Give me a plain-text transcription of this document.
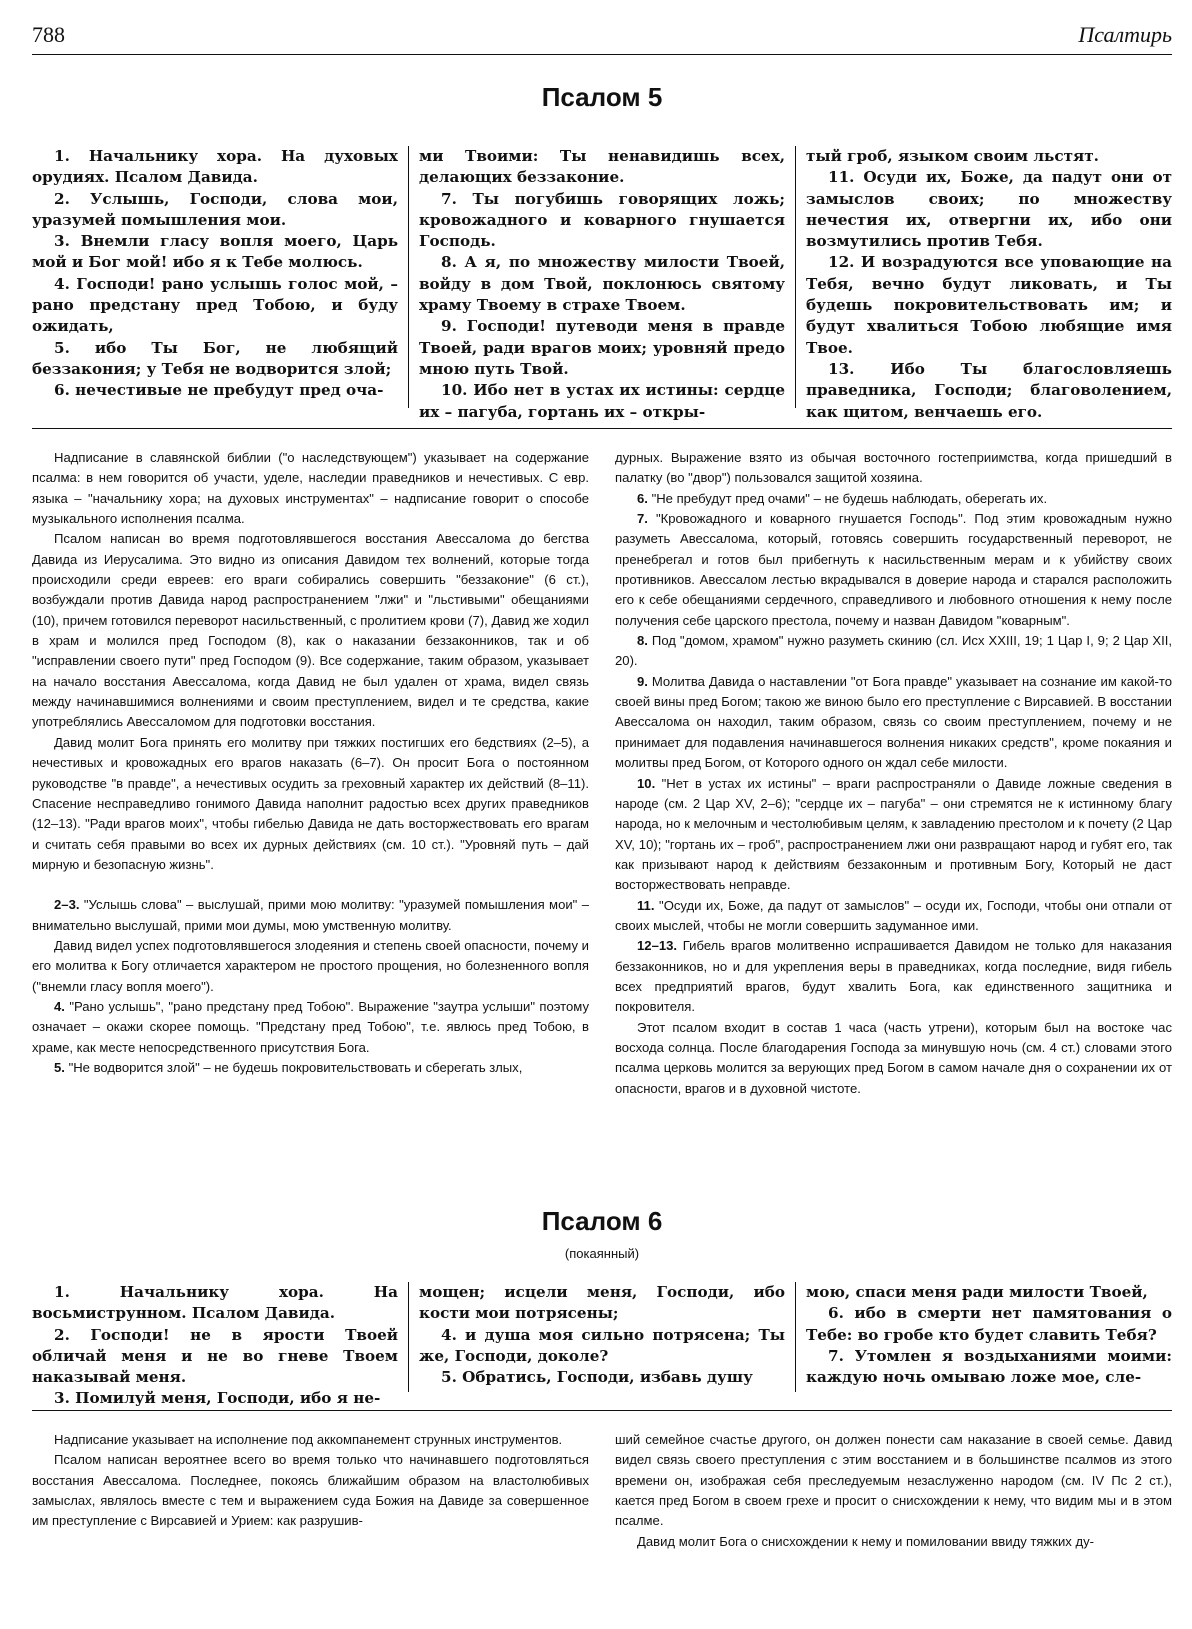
788	Псалтирь
Псалом 5

1. Начальнику хора. На духовых орудиях. Псалом Давида.

2. Услышь, Господи, слова мои, уразумей помышления мои.

3. Внемли гласу вопля моего, Царь мой и Бог мой! ибо я к Тебе молюсь.

4. Господи! рано услышь голос мой, – рано предстану пред Тобою, и буду ожидать,

5. ибо Ты Бог, не любящий беззакония; у Тебя не водворится злой;

6. нечестивые не пребудут пред оча-

ми Твоими: Ты ненавидишь всех, делающих беззаконие.

7. Ты погубишь говорящих ложь; кровожадного и коварного гнушается Господь.

8. А я, по множеству милости Твоей, войду в дом Твой, поклонюсь святому храму Твоему в страхе Твоем.

9. Господи! путеводи меня в правде Твоей, ради врагов моих; уровняй предо мною путь Твой.

10. Ибо нет в устах их истины: сердце их – пагуба, гортань их – откры-

тый гроб, языком своим льстят.

11. Осуди их, Боже, да падут они от замыслов своих; по множеству нечестия их, отвергни их, ибо они возмутились против Тебя.

12. И возрадуются все уповающие на Тебя, вечно будут ликовать, и Ты будешь покровительствовать им; и будут хвалиться Тобою любящие имя Твое.

13. Ибо Ты благословляешь праведника, Господи; благоволением, как щитом, венчаешь его.

Надписание в славянской библии ("о наследствующем") указывает на содержание псалма: в нем говорится об участи, уделе, наследии праведников и нечестивых. С евр. языка – "начальнику хора; на духовых инструментах" – надписание говорит о способе музыкального исполнения псалма.

Псалом написан во время подготовлявшегося восстания Авессалома до бегства Давида из Иерусалима. Это видно из описания Давидом тех волнений, которые тогда происходили среди евреев: его враги собирались совершить "беззаконие" (6 ст.), возбуждали против Давида народ распространением "лжи" и "льстивыми" обещаниями (10), причем готовился переворот насильственный, с пролитием крови (7), Давид же ходил в храм и молился пред Господом (8), как о наказании беззаконников, так и об "исправлении своего пути" пред Господом (9). Все содержание, таким образом, указывает на начало восстания Авессалома, когда Давид не был удален от храма, видел связь между начинавшимися волнениями и своим преступлением, видел и те средства, какие употреблялись Авессаломом для подготовки восстания.

Давид молит Бога принять его молитву при тяжких постигших его бедствиях (2–5), а нечестивых и кровожадных его врагов наказать (6–7). Он просит Бога о постоянном руководстве "в правде", а нечестивых осудить за греховный характер их действий (8–11). Спасение несправедливо гонимого Давида наполнит радостью всех других праведников (12–13). "Ради врагов моих", чтобы гибелью Давида не дать восторжествовать его врагам и считать себя правыми во всех их дурных действиях (см. 10 ст.). "Уровняй путь – дай мирную и безопасную жизнь".

2–3. "Услышь слова" – выслушай, прими мою молитву: "уразумей помышления мои" – внимательно выслушай, прими мои думы, мою умственную молитву.

Давид видел успех подготовлявшегося злодеяния и степень своей опасности, почему и его молитва к Богу отличается характером не простого прощения, но болезненного вопля ("внемли гласу вопля моего").

4. "Рано услышь", "рано предстану пред Тобою". Выражение "заутра услыши" поэтому означает – окажи скорее помощь. "Предстану пред Тобою", т.е. явлюсь пред Тобою, в храме, как месте непосредственного присутствия Бога.

5. "Не водворится злой" – не будешь покровительствовать и сберегать злых,

дурных. Выражение взято из обычая восточного гостеприимства, когда пришедший в палатку (во "двор") пользовался защитой хозяина.

6. "Не пребудут пред очами" – не будешь наблюдать, оберегать их.

7. "Кровожадного и коварного гнушается Господь". Под этим кровожадным нужно разуметь Авессалома, который, готовясь совершить государственный переворот, не пренебрегал и готов был прибегнуть к насильственным мерам и к убийству своих противников. Авессалом лестью вкрадывался в доверие народа и старался расположить его к себе обещаниями сердечного, справедливого и любовного отношения к нему после получения себе царского престола, почему и назван Давидом "коварным".

8. Под "домом, храмом" нужно разуметь скинию (сл. Исх XXIII, 19; 1 Цар I, 9; 2 Цар XII, 20).

9. Молитва Давида о наставлении "от Бога правде" указывает на сознание им какой-то своей вины пред Богом; такою же виною было его преступление с Вирсавией. В восстании Авессалома он находил, таким образом, связь со своим преступлением, почему и не принимает для подавления начинавшегося волнения никаких средств", кроме покаяния и молитвы пред Богом, от Которого одного он ждал себе милости.

10. "Нет в устах их истины" – враги распространяли о Давиде ложные сведения в народе (см. 2 Цар XV, 2–6); "сердце их – пагуба" – они стремятся не к истинному благу народа, но к мелочным и честолюбивым целям, к завладению престолом и к почету (2 Цар XV, 10); "гортань их – гроб", распространением лжи они развращают народ и губят его, так как призывают народ к действиям беззаконным и противным Богу, Который не даст восторжествовать неправде.

11. "Осуди их, Боже, да падут от замыслов" – осуди их, Господи, чтобы они отпали от своих мыслей, чтобы не могли совершить задуманное ими.

12–13. Гибель врагов молитвенно испрашивается Давидом не только для наказания беззаконников, но и для укрепления веры в праведниках, когда последние, видя гибель всех предприятий врагов, будут хвалить Бога, как единственного защитника и покровителя.

Этот псалом входит в состав 1 часа (часть утрени), которым был на востоке час восхода солнца. После благодарения Господа за минувшую ночь (см. 4 ст.) словами этого псалма церковь молится за верующих пред Богом в самом начале дня о сохранении их от опасности, врагов и в духовной чистоте.

Псалом 6
(покаянный)

1. Начальнику хора. На восьмиструнном. Псалом Давида.

2. Господи! не в ярости Твоей обличай меня и не во гневе Твоем наказывай меня.

3. Помилуй меня, Господи, ибо я не-

мощен; исцели меня, Господи, ибо кости мои потрясены;

4. и душа моя сильно потрясена; Ты же, Господи, доколе?

5. Обратись, Господи, избавь душу

мою, спаси меня ради милости Твоей,

6. ибо в смерти нет памятования о Тебе: во гробе кто будет славить Тебя?

7. Утомлен я воздыханиями моими: каждую ночь омываю ложе мое, сле-

Надписание указывает на исполнение под аккомпанемент струнных инструментов.

Псалом написан вероятнее всего во время только что начинавшего подготовляться восстания Авессалома. Последнее, покоясь ближайшим образом на властолюбивых замыслах, являлось вместе с тем и выражением суда Божия на Давиде за совершенное им преступление с Вирсавией и Урием: как разрушив-

ший семейное счастье другого, он должен понести сам наказание в своей семье. Давид видел связь своего преступления с этим восстанием и в большинстве псалмов из этого времени он, изображая себя преследуемым незаслуженно народом (см. IV Пс 2 ст.), кается пред Богом в своем грехе и просит о снисхождении к нему, что видим мы и в этом псалме.

Давид молит Бога о снисхождении к нему и помиловании ввиду тяжких ду-
